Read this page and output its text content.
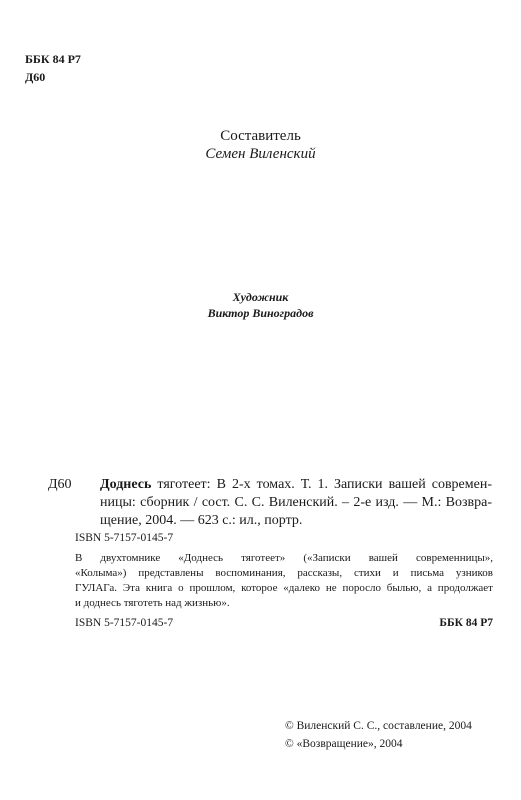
ББК 84 Р7
Д60
Составитель
Семен Виленский
Художник
Виктор Виноградов
Д60 Доднесь тяготеет: В 2-х томах. Т. 1. Записки вашей современ-
ницы: сборник / сост. С. С. Виленский. – 2-е изд. — М.: Возвра-
щение, 2004. — 623 с.: ил., портр.
ISBN 5-7157-0145-7
В двухтомнике «Доднесь тяготеет» («Записки вашей современницы»,
«Колыма») представлены воспоминания, рассказы, стихи и письма узников
ГУЛАГа. Эта книга о прошлом, которое «далеко не поросло былью, а продолжает
и доднесь тяготеть над жизнью».
ISBN 5-7157-0145-7	ББК 84 Р7
© Виленский С. С., составление, 2004
© «Возвращение», 2004
